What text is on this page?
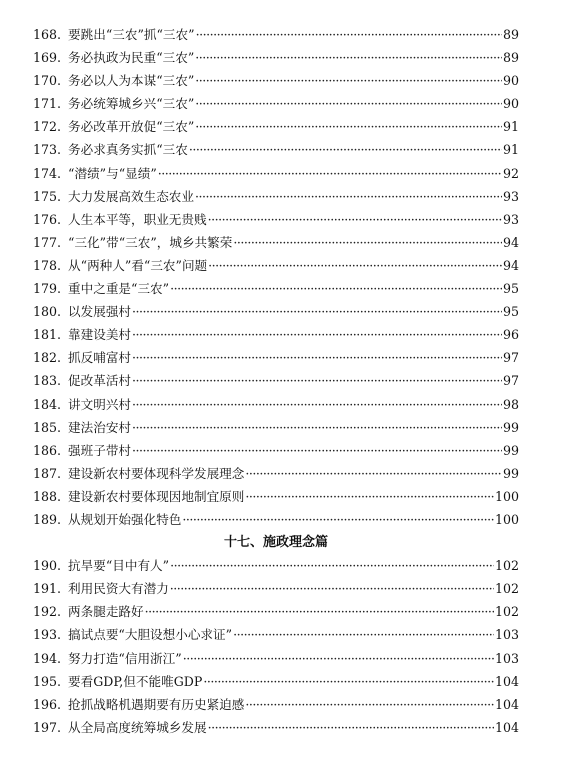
168. 要跳出“三农”抓“三农” ·····	89
169. 务必执政为民重“三农” ·····	89
170. 务必以人为本谋“三农” ·····	90
171. 务必统筹城乡兴“三农” ·····	90
172. 务必改革开放促“三农” ·····	91
173. 务必求真务实抓“三农 ·····	91
174. “潜绩”与“显绩” ·····	92
175. 大力发展高效生态农业 ·····	93
176. 人生本平等，职业无贵贱 ·····	93
177. “三化”带“三农”，城乡共繁荣 ·····	94
178. 从“两种人”看“三农”问题 ·····	94
179. 重中之重是“三农” ·····	95
180. 以发展强村 ·····	95
181. 靠建设美村 ·····	96
182. 抓反哺富村 ·····	97
183. 促改革活村 ·····	97
184. 讲文明兴村 ·····	98
185. 建法治安村 ·····	99
186. 强班子带村 ·····	99
187. 建设新农村要体现科学发展理念 ·····	99
188. 建设新农村要体现因地制宜原则 ·····	100
189. 从规划开始强化特色 ·····	100
十七、施政理念篇
190. 抗旱要“目中有人” ·····	102
191. 利用民资大有潜力 ·····	102
192. 两条腿走路好 ·····	102
193. 搞试点要“大胆设想小心求证” ·····	103
194. 努力打造“信用浙江” ·····	103
195. 要看GDP,但不能唯GDP ·····	104
196. 抢抓战略机遇期要有历史紧迫感 ·····	104
197. 从全局高度统筹城乡发展 ·····	104
